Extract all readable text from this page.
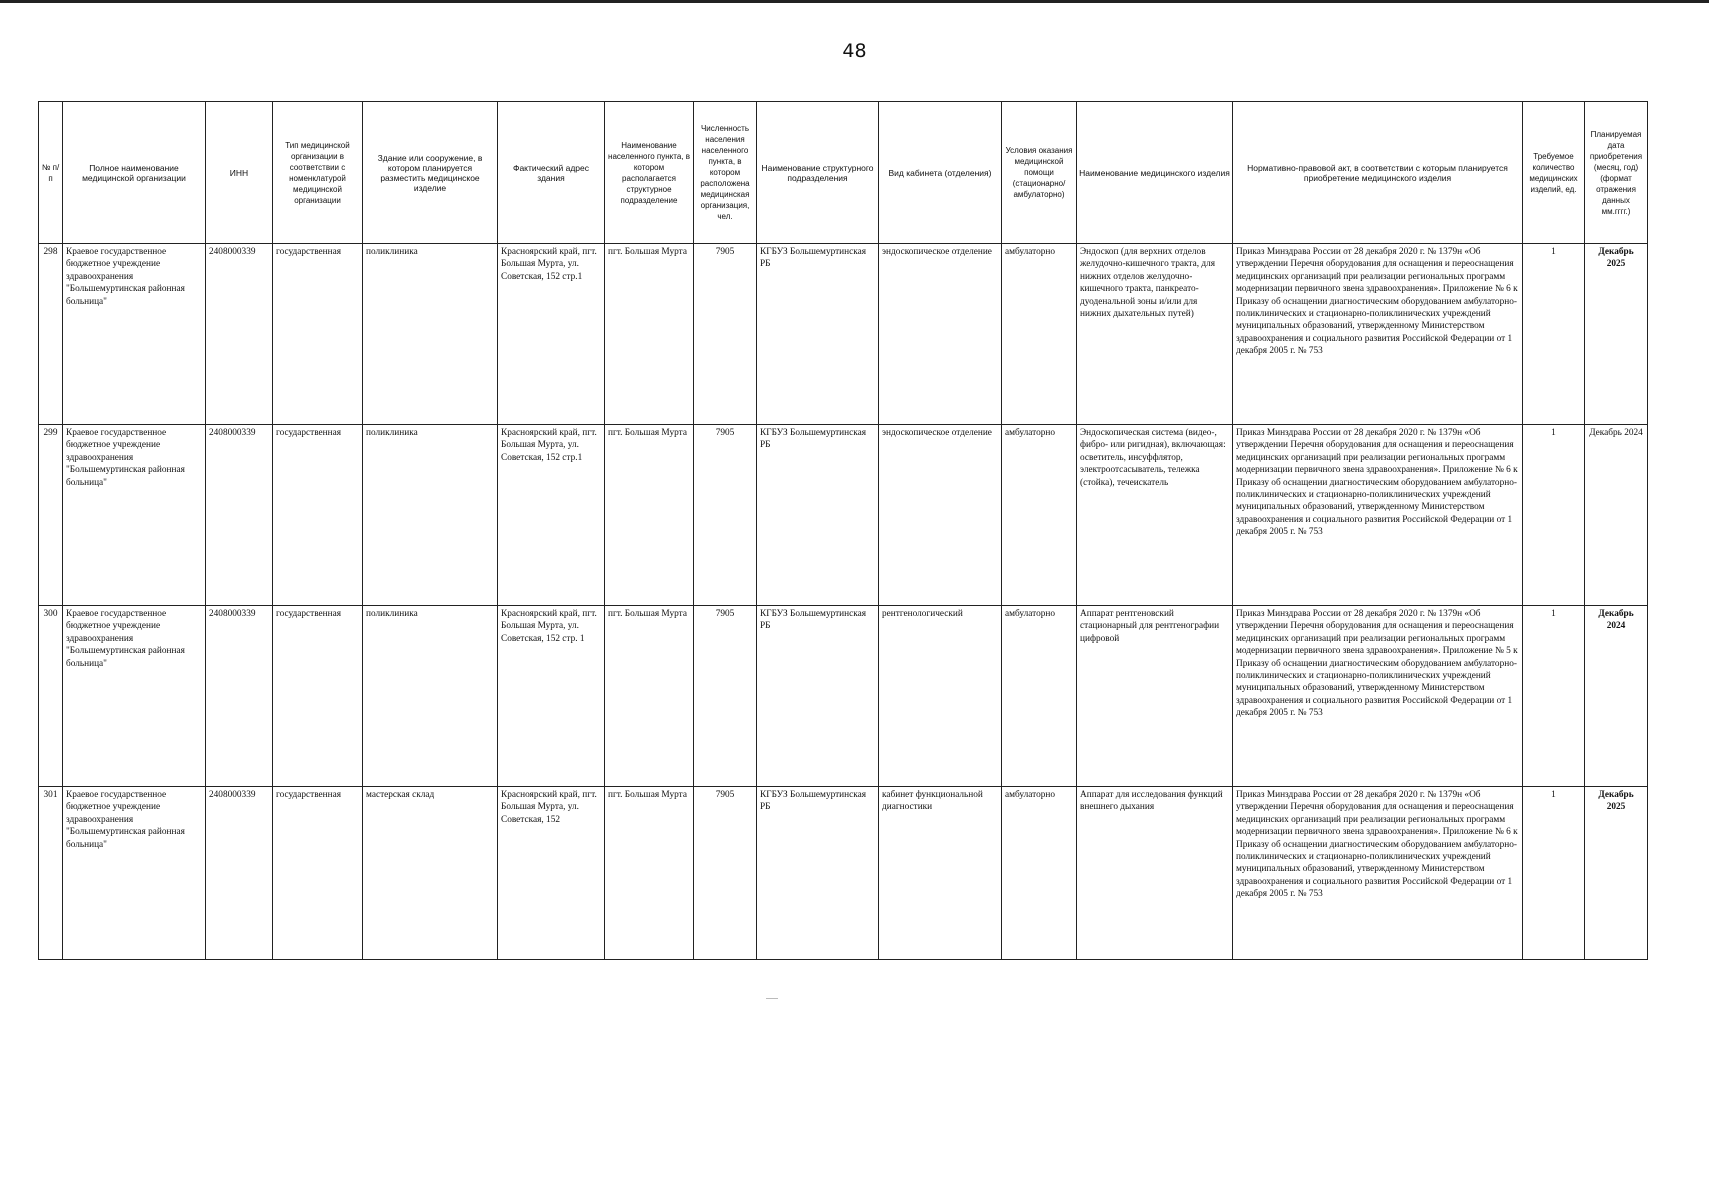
48
№ п/п	Полное наименование медицинской организации	ИНН	Тип медицинской организации в соответствии с номенклатурой медицинской организации	Здание или сооружение, в котором планируется разместить медицинское изделие	Фактический адрес здания	Наименование населенного пункта, в котором располагается структурное подразделение	Численность населения населенного пункта, в котором расположена медицинская организация, чел.	Наименование структурного подразделения	Вид кабинета (отделения)	Условия оказания медицинской помощи (стационарно/ амбулаторно)	Наименование медицинского изделия	Нормативно-правовой акт, в соответствии с которым планируется приобретение медицинского изделия	Требуемое количество медицинских изделий, ед.	Планируемая дата приобретения (месяц, год) (формат отражения данных мм.гггг.)
298	Краевое государственное бюджетное учреждение здравоохранения "Большемуртинская районная больница"	2408000339	государственная	поликлиника	Красноярский край, пгт. Большая Мурта, ул. Советская, 152 стр.1	пгт. Большая Мурта	7905	КГБУЗ Большемуртинская РБ	эндоскопическое отделение	амбулаторно	Эндоскоп (для верхних отделов желудочно-кишечного тракта, для нижних отделов желудочно-кишечного тракта, панкреато-дуоденальной зоны и/или для нижних дыхательных путей)	Приказ Минздрава России от 28 декабря 2020 г. № 1379н «Об утверждении Перечня оборудования для оснащения и переоснащения медицинских организаций при реализации региональных программ модернизации первичного звена здравоохранения». Приложение № 6 к Приказу об оснащении диагностическим оборудованием амбулаторно-поликлинических и стационарно-поликлинических учреждений муниципальных образований, утвержденному Министерством здравоохранения и социального развития Российской Федерации от 1 декабря 2005 г. № 753	1	Декабрь 2025
299	Краевое государственное бюджетное учреждение здравоохранения "Большемуртинская районная больница"	2408000339	государственная	поликлиника	Красноярский край, пгт. Большая Мурта, ул. Советская, 152 стр.1	пгт. Большая Мурта	7905	КГБУЗ Большемуртинская РБ	эндоскопическое отделение	амбулаторно	Эндоскопическая система (видео-, фибро- или ригидная), включающая: осветитель, инсуффлятор, электроотсасыватель, тележка (стойка), течеискатель	Приказ Минздрава России от 28 декабря 2020 г. № 1379н «Об утверждении Перечня оборудования для оснащения и переоснащения медицинских организаций при реализации региональных программ модернизации первичного звена здравоохранения». Приложение № 6 к Приказу об оснащении диагностическим оборудованием амбулаторно-поликлинических и стационарно-поликлинических учреждений муниципальных образований, утвержденному Министерством здравоохранения и социального развития Российской Федерации от 1 декабря 2005 г. № 753	1	Декабрь 2024
300	Краевое государственное бюджетное учреждение здравоохранения "Большемуртинская районная больница"	2408000339	государственная	поликлиника	Красноярский край, пгт. Большая Мурта, ул. Советская, 152 стр. 1	пгт. Большая Мурта	7905	КГБУЗ Большемуртинская РБ	рентгенологический	амбулаторно	Аппарат рентгеновский стационарный для рентгенографии цифровой	Приказ Минздрава России от 28 декабря 2020 г. № 1379н «Об утверждении Перечня оборудования для оснащения и переоснащения медицинских организаций при реализации региональных программ модернизации первичного звена здравоохранения». Приложение № 5 к Приказу об оснащении диагностическим оборудованием амбулаторно-поликлинических и стационарно-поликлинических учреждений муниципальных образований, утвержденному Министерством здравоохранения и социального развития Российской Федерации от 1 декабря 2005 г. № 753	1	Декабрь 2024
301	Краевое государственное бюджетное учреждение здравоохранения "Большемуртинская районная больница"	2408000339	государственная	мастерская склад	Красноярский край, пгт. Большая Мурта, ул. Советская, 152	пгт. Большая Мурта	7905	КГБУЗ Большемуртинская РБ	кабинет функциональной диагностики	амбулаторно	Аппарат для исследования функций внешнего дыхания	Приказ Минздрава России от 28 декабря 2020 г. № 1379н «Об утверждении Перечня оборудования для оснащения и переоснащения медицинских организаций при реализации региональных программ модернизации первичного звена здравоохранения». Приложение № 6 к Приказу об оснащении диагностическим оборудованием амбулаторно-поликлинических и стационарно-поликлинических учреждений муниципальных образований, утвержденному Министерством здравоохранения и социального развития Российской Федерации от 1 декабря 2005 г. № 753	1	Декабрь 2025
